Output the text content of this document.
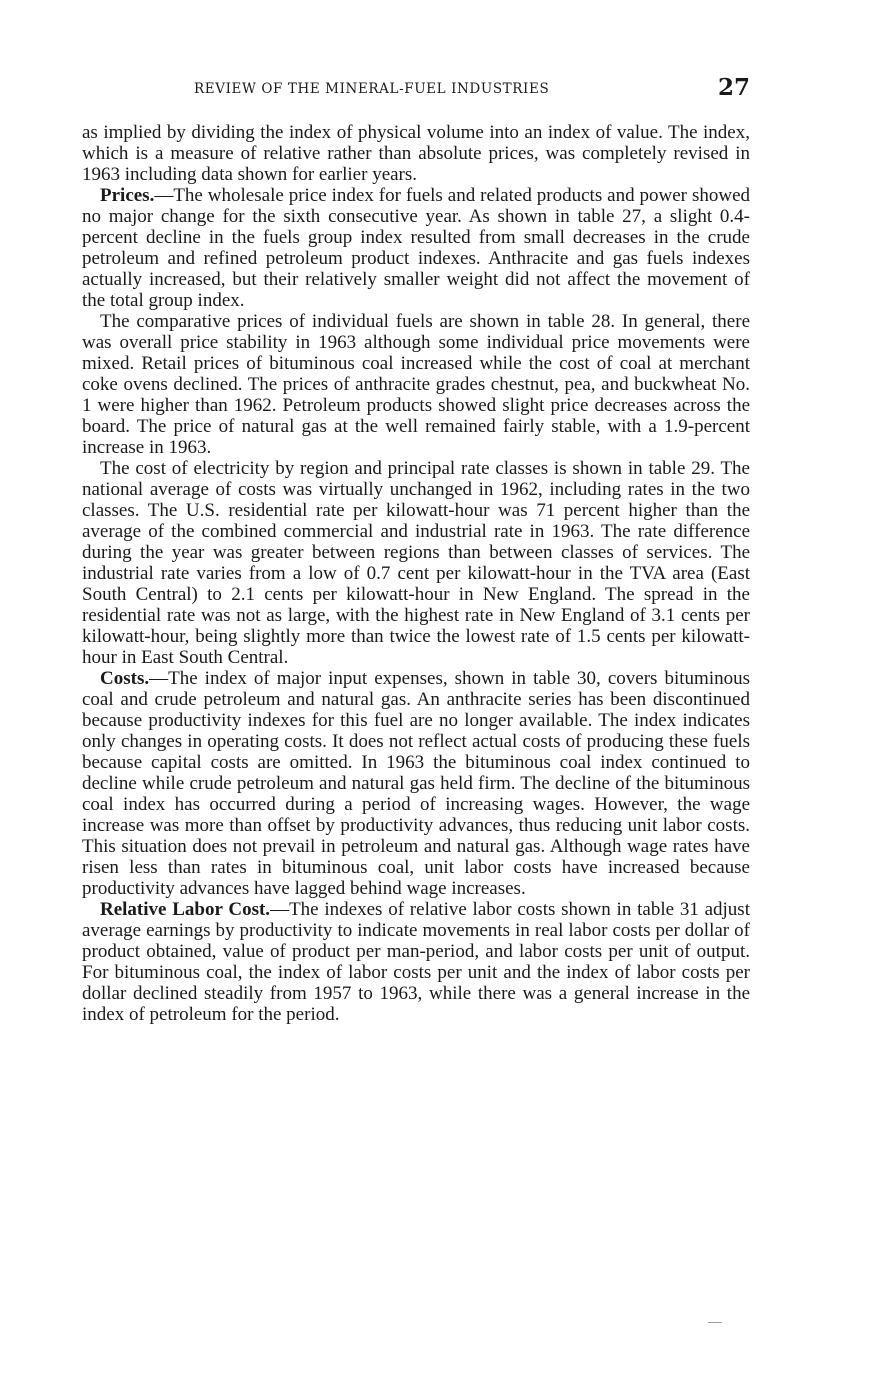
REVIEW OF THE MINERAL-FUEL INDUSTRIES	27

as implied by dividing the index of physical volume into an index of value. The index, which is a measure of relative rather than absolute prices, was completely revised in 1963 including data shown for earlier years.

Prices.—The wholesale price index for fuels and related products and power showed no major change for the sixth consecutive year. As shown in table 27, a slight 0.4-percent decline in the fuels group index resulted from small decreases in the crude petroleum and refined petroleum product indexes. Anthracite and gas fuels indexes actually increased, but their relatively smaller weight did not affect the movement of the total group index.

The comparative prices of individual fuels are shown in table 28. In general, there was overall price stability in 1963 although some individual price movements were mixed. Retail prices of bituminous coal increased while the cost of coal at merchant coke ovens declined. The prices of anthracite grades chestnut, pea, and buckwheat No. 1 were higher than 1962. Petroleum products showed slight price decreases across the board. The price of natural gas at the well remained fairly stable, with a 1.9-percent increase in 1963.

The cost of electricity by region and principal rate classes is shown in table 29. The national average of costs was virtually unchanged in 1962, including rates in the two classes. The U.S. residential rate per kilowatt-hour was 71 percent higher than the average of the combined commercial and industrial rate in 1963. The rate difference during the year was greater between regions than between classes of services. The industrial rate varies from a low of 0.7 cent per kilowatt-hour in the TVA area (East South Central) to 2.1 cents per kilowatt-hour in New England. The spread in the residential rate was not as large, with the highest rate in New England of 3.1 cents per kilowatt-hour, being slightly more than twice the lowest rate of 1.5 cents per kilowatt-hour in East South Central.

Costs.—The index of major input expenses, shown in table 30, covers bituminous coal and crude petroleum and natural gas. An anthracite series has been discontinued because productivity indexes for this fuel are no longer available. The index indicates only changes in operating costs. It does not reflect actual costs of producing these fuels because capital costs are omitted. In 1963 the bituminous coal index continued to decline while crude petroleum and natural gas held firm. The decline of the bituminous coal index has occurred during a period of increasing wages. However, the wage increase was more than offset by productivity advances, thus reducing unit labor costs. This situation does not prevail in petroleum and natural gas. Although wage rates have risen less than rates in bituminous coal, unit labor costs have increased because productivity advances have lagged behind wage increases.

Relative Labor Cost.—The indexes of relative labor costs shown in table 31 adjust average earnings by productivity to indicate movements in real labor costs per dollar of product obtained, value of product per man-period, and labor costs per unit of output. For bituminous coal, the index of labor costs per unit and the index of labor costs per dollar declined steadily from 1957 to 1963, while there was a general increase in the index of petroleum for the period.
